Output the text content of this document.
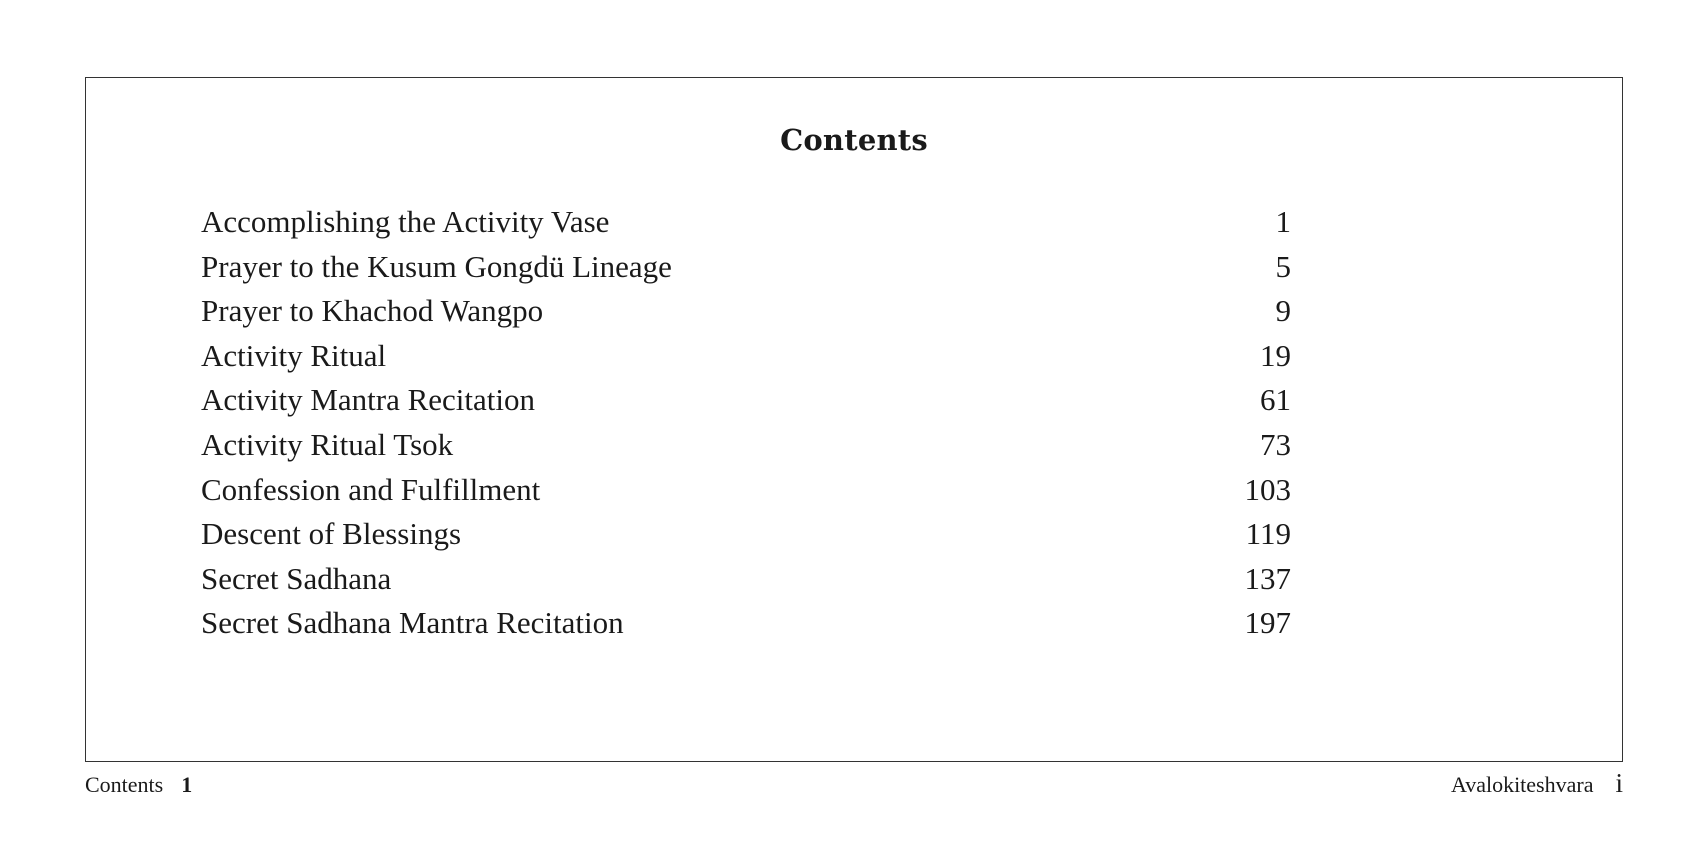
Contents
Accomplishing the Activity Vase	1
Prayer to the Kusum Gongdü Lineage	5
Prayer to Khachod Wangpo	9
Activity Ritual	19
Activity Mantra Recitation	61
Activity Ritual Tsok	73
Confession and Fulfillment	103
Descent of Blessings	119
Secret Sadhana	137
Secret Sadhana Mantra Recitation	197
Contents 1	Avalokiteshvara i
